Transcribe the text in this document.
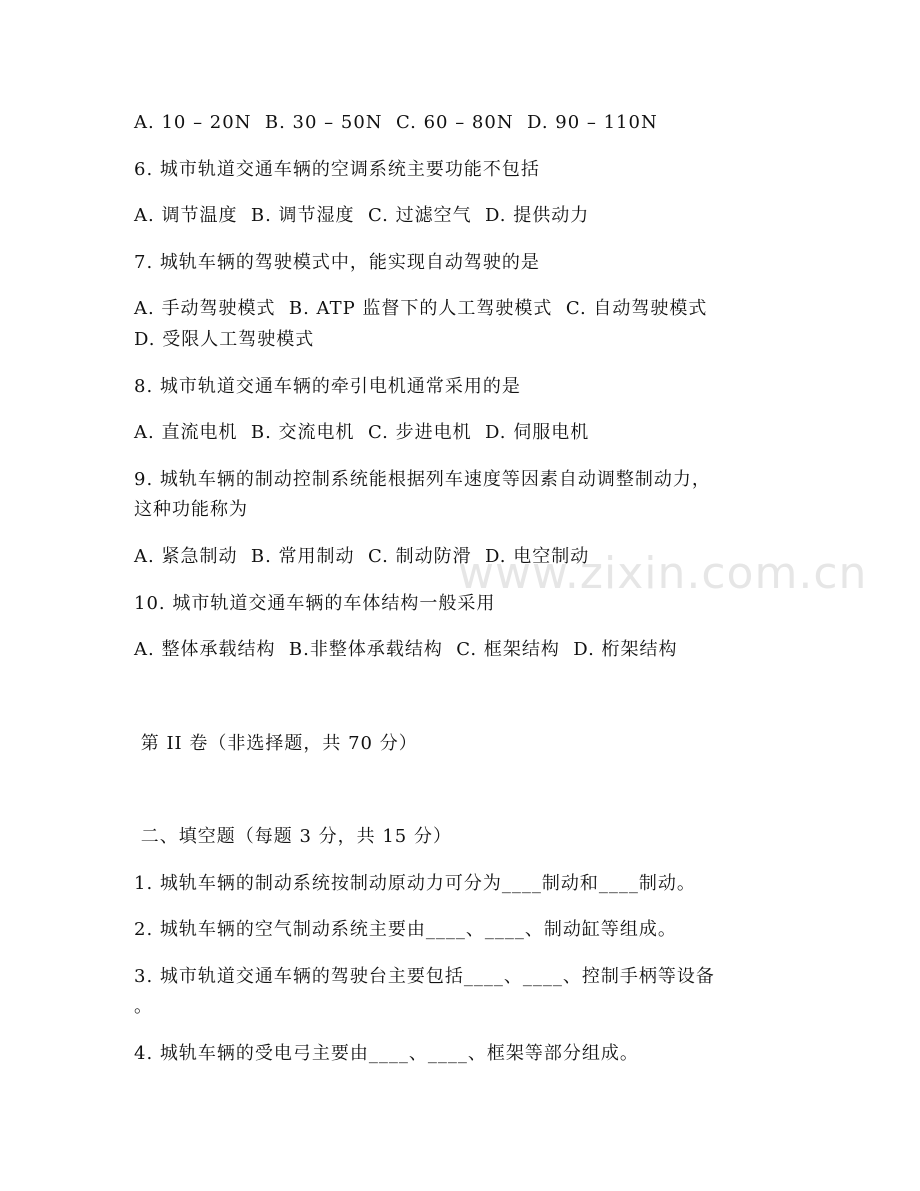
www.zixin.com.cn
A. 10 – 20N  B. 30 – 50N  C. 60 – 80N  D. 90 – 110N
6. 城市轨道交通车辆的空调系统主要功能不包括
A. 调节温度  B. 调节湿度  C. 过滤空气  D. 提供动力
7. 城轨车辆的驾驶模式中，能实现自动驾驶的是
A. 手动驾驶模式  B. ATP 监督下的人工驾驶模式  C. 自动驾驶模式
D. 受限人工驾驶模式
8. 城市轨道交通车辆的牵引电机通常采用的是
A. 直流电机  B. 交流电机  C. 步进电机  D. 伺服电机
9. 城轨车辆的制动控制系统能根据列车速度等因素自动调整制动力，
这种功能称为
A. 紧急制动  B. 常用制动  C. 制动防滑  D. 电空制动
10. 城市轨道交通车辆的车体结构一般采用
A. 整体承载结构  B.非整体承载结构  C. 框架结构  D. 桁架结构
第 II 卷（非选择题，共 70 分）
二、填空题（每题 3 分，共 15 分）
1. 城轨车辆的制动系统按制动原动力可分为____制动和____制动。
2. 城轨车辆的空气制动系统主要由____、____、制动缸等组成。
3. 城市轨道交通车辆的驾驶台主要包括____、____、控制手柄等设备
。
4. 城轨车辆的受电弓主要由____、____、框架等部分组成。
